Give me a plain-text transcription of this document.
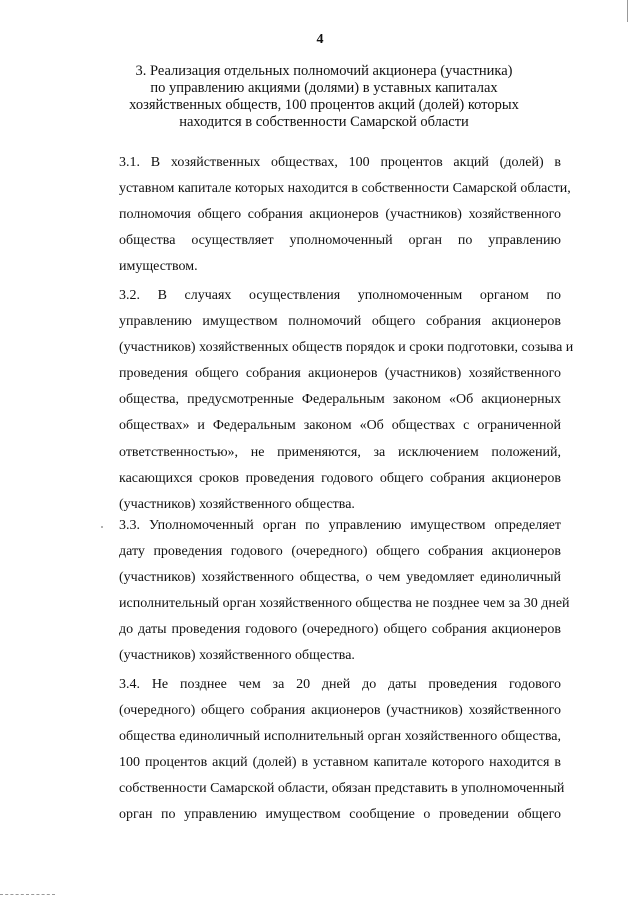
4
3. Реализация отдельных полномочий акционера (участника)
по управлению акциями (долями) в уставных капиталах
хозяйственных обществ, 100 процентов акций (долей) которых
находится в собственности Самарской области
3.1. В хозяйственных обществах, 100 процентов акций (долей) в
уставном капитале которых находится в собственности Самарской области,
полномочия общего собрания акционеров (участников) хозяйственного
общества осуществляет уполномоченный орган по управлению
имуществом.
3.2. В случаях осуществления уполномоченным органом по
управлению имуществом полномочий общего собрания акционеров
(участников) хозяйственных обществ порядок и сроки подготовки, созыва и
проведения общего собрания акционеров (участников) хозяйственного
общества, предусмотренные Федеральным законом «Об акционерных
обществах» и Федеральным законом «Об обществах с ограниченной
ответственностью», не применяются, за исключением положений,
касающихся сроков проведения годового общего собрания акционеров
(участников) хозяйственного общества.
3.3. Уполномоченный орган по управлению имуществом определяет
дату проведения годового (очередного) общего собрания акционеров
(участников) хозяйственного общества, о чем уведомляет единоличный
исполнительный орган хозяйственного общества не позднее чем за 30 дней
до даты проведения годового (очередного) общего собрания акционеров
(участников) хозяйственного общества.
3.4. Не позднее чем за 20 дней до даты проведения годового
(очередного) общего собрания акционеров (участников) хозяйственного
общества единоличный исполнительный орган хозяйственного общества,
100 процентов акций (долей) в уставном капитале которого находится в
собственности Самарской области, обязан представить в уполномоченный
орган по управлению имуществом сообщение о проведении общего
